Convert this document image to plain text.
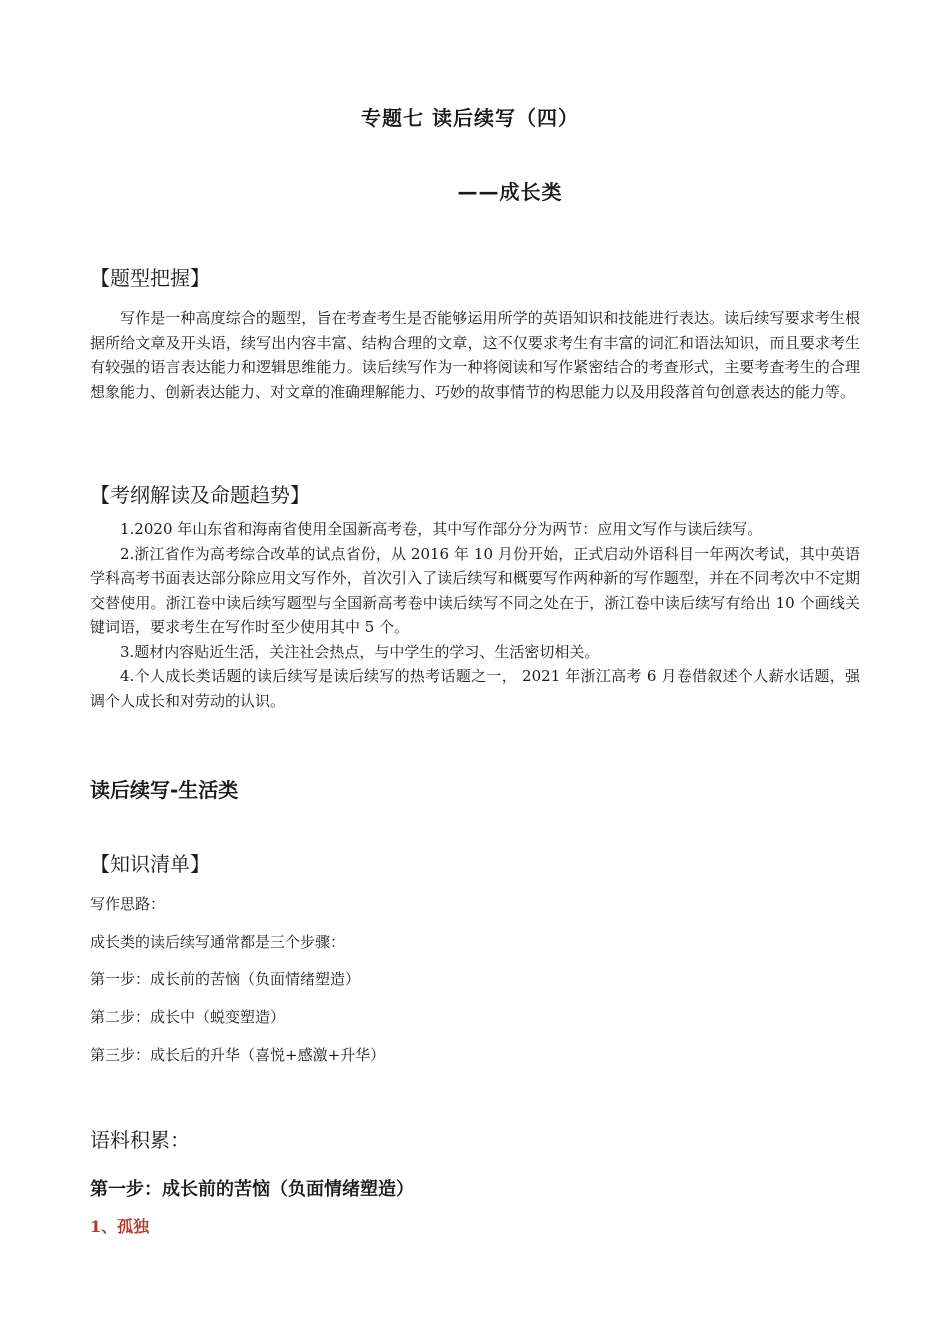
专题七 读后续写（四）
——成长类
【题型把握】
写作是一种高度综合的题型，旨在考查考生是否能够运用所学的英语知识和技能进行表达。读后续写要求考生根据所给文章及开头语，续写出内容丰富、结构合理的文章，这不仅要求考生有丰富的词汇和语法知识，而且要求考生有较强的语言表达能力和逻辑思维能力。读后续写作为一种将阅读和写作紧密结合的考查形式，主要考查考生的合理想象能力、创新表达能力、对文章的准确理解能力、巧妙的故事情节的构思能力以及用段落首句创意表达的能力等。
【考纲解读及命题趋势】

1.2020 年山东省和海南省使用全国新高考卷，其中写作部分分为两节：应用文写作与读后续写。

2.浙江省作为高考综合改革的试点省份，从 2016 年 10 月份开始，正式启动外语科目一年两次考试，其中英语学科高考书面表达部分除应用文写作外，首次引入了读后续写和概要写作两种新的写作题型，并在不同考次中不定期交替使用。浙江卷中读后续写题型与全国新高考卷中读后续写不同之处在于，浙江卷中读后续写有给出 10 个画线关键词语，要求考生在写作时至少使用其中 5 个。

3.题材内容贴近生活，关注社会热点，与中学生的学习、生活密切相关。

4.个人成长类话题的读后续写是读后续写的热考话题之一， 2021 年浙江高考 6 月卷借叙述个人薪水话题，强调个人成长和对劳动的认识。

读后续写-生活类
【知识清单】
写作思路：
成长类的读后续写通常都是三个步骤：
第一步：成长前的苦恼（负面情绪塑造）
第二步：成长中（蜕变塑造）
第三步：成长后的升华（喜悦+感激+升华）
语料积累：
第一步：成长前的苦恼（负面情绪塑造）
1、孤独
